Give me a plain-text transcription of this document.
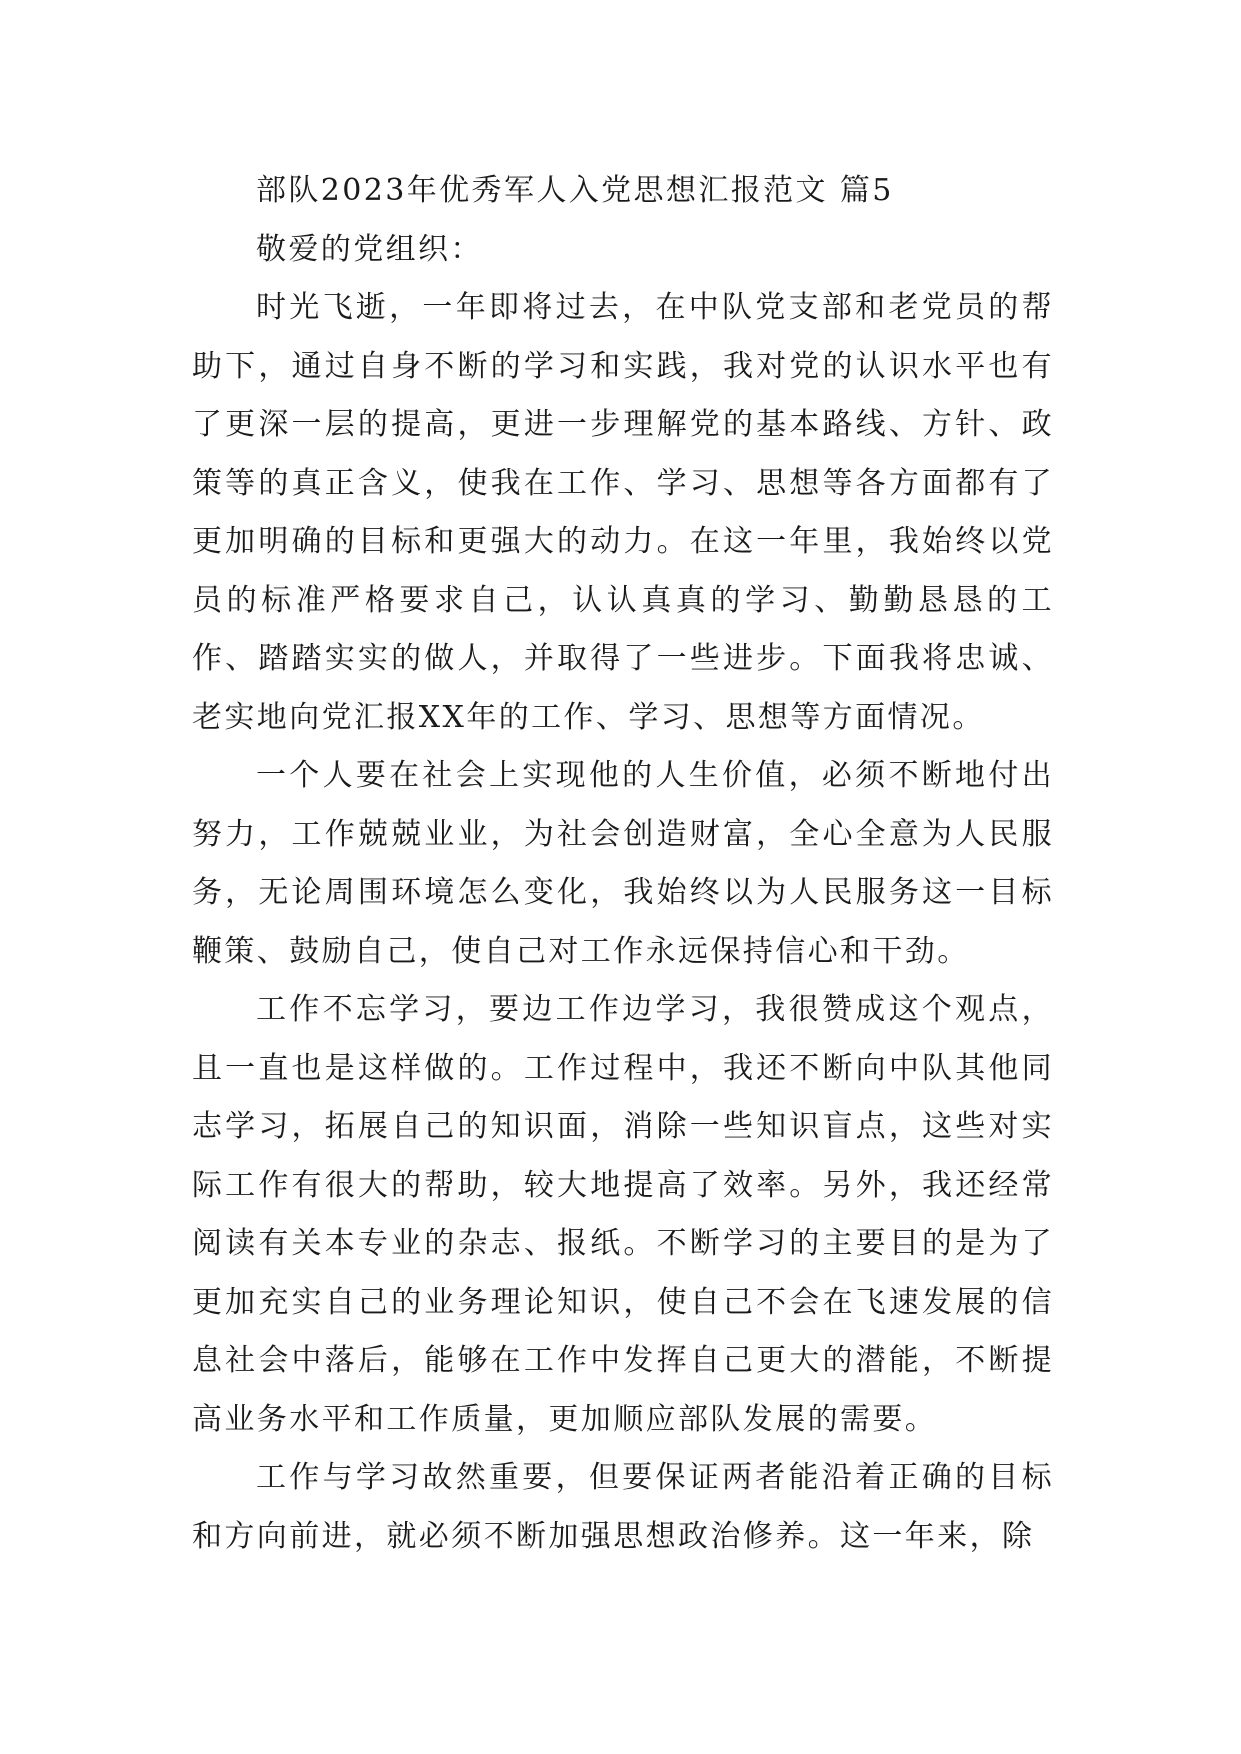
部队2023年优秀军人入党思想汇报范文 篇5

敬爱的党组织：

时光飞逝，一年即将过去，在中队党支部和老党员的帮助下，通过自身不断的学习和实践，我对党的认识水平也有了更深一层的提高，更进一步理解党的基本路线、方针、政策等的真正含义，使我在工作、学习、思想等各方面都有了更加明确的目标和更强大的动力。在这一年里，我始终以党员的标准严格要求自己，认认真真的学习、勤勤恳恳的工作、踏踏实实的做人，并取得了一些进步。下面我将忠诚、老实地向党汇报XX年的工作、学习、思想等方面情况。

一个人要在社会上实现他的人生价值，必须不断地付出努力，工作兢兢业业，为社会创造财富，全心全意为人民服务，无论周围环境怎么变化，我始终以为人民服务这一目标鞭策、鼓励自己，使自己对工作永远保持信心和干劲。

工作不忘学习，要边工作边学习，我很赞成这个观点，且一直也是这样做的。工作过程中，我还不断向中队其他同志学习，拓展自己的知识面，消除一些知识盲点，这些对实际工作有很大的帮助，较大地提高了效率。另外，我还经常阅读有关本专业的杂志、报纸。不断学习的主要目的是为了更加充实自己的业务理论知识，使自己不会在飞速发展的信息社会中落后，能够在工作中发挥自己更大的潜能，不断提高业务水平和工作质量，更加顺应部队发展的需要。

工作与学习故然重要，但要保证两者能沿着正确的目标和方向前进，就必须不断加强思想政治修养。这一年来，除
